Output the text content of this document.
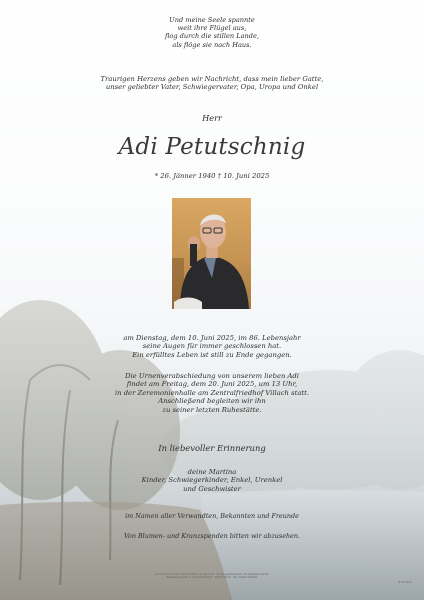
Und meine Seele spannte

weit ihre Flügel aus,

flog durch die stillen Lande,

als flöge sie nach Haus.

Traurigen Herzens geben wir Nachricht, dass mein lieber Gatte,

unser geliebter Vater, Schwiegervater, Opa, Uropa und Onkel

Herr

Adi Petutschnig

* 26. Jänner 1940 † 10. Juni 2025

am Dienstag, dem 10. Juni 2025, im 86. Lebensjahr

seine Augen für immer geschlossen hat.

Ein erfülltes Leben ist still zu Ende gegangen.

Die Urnenverabschiedung von unserem lieben Adi

findet am Freitag, dem 20. Juni 2025, um 13 Uhr,

in der Zeremonienhalle am Zentralfriedhof Villach statt.

Anschließend begleiten wir ihn

zu seiner letzten Ruhestätte.

In liebevoller Erinnerung

deine Martina

Kinder, Schwiegerkinder, Enkel, Urenkel

und Geschwister

im Namen aller Verwandten, Bekannten und Freunde

Von Blumen- und Kranzspenden bitten wir abzusehen.

Kondolenzen unter www.bestattung-villach.at · Online-Gedenkseite mit digitalen Kerzen

Bestattung Villach · Zentralfriedhof · 9500 Villach · Tel. 04242 000000

B-07-6231
